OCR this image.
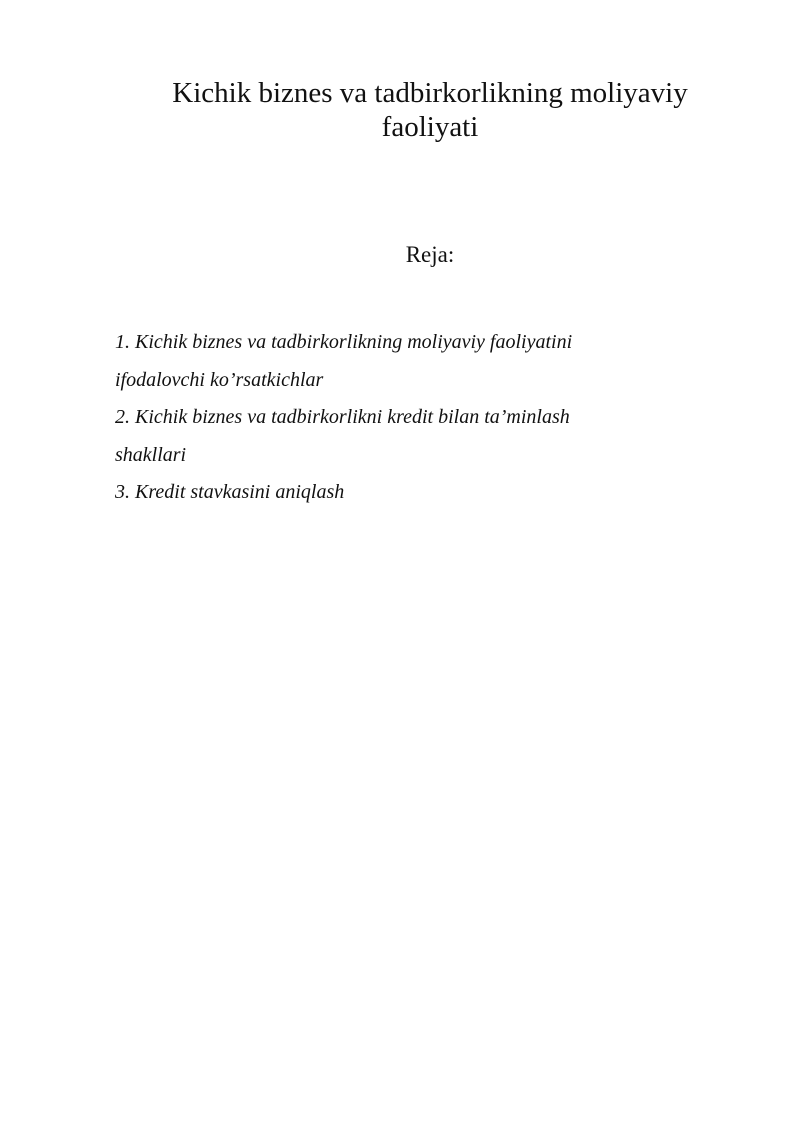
Kichik biznes va tadbirkorlikning moliyaviy faoliyati
Reja:
1. Kichik biznes va tadbirkorlikning moliyaviy faoliyatini ifodalovchi ko’rsatkichlar
2. Kichik biznes va tadbirkorlikni kredit bilan ta’minlash shakllari
3. Kredit stavkasini aniqlash
